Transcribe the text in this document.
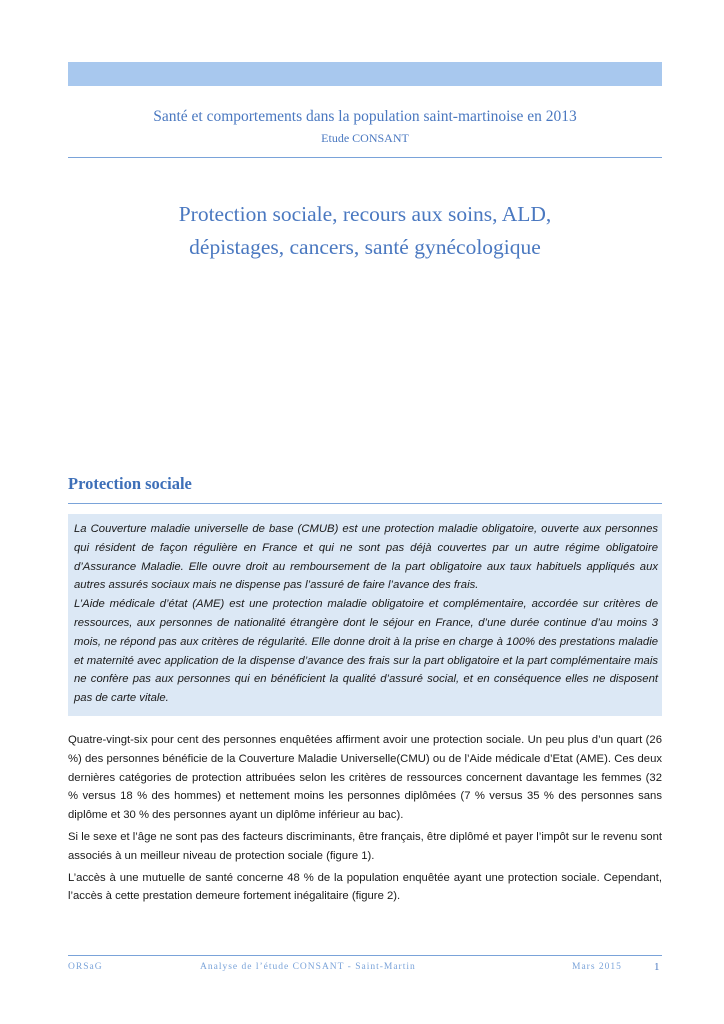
Santé et comportements dans la population saint-martinoise en 2013
Etude CONSANT
Protection sociale, recours aux soins, ALD,
dépistages, cancers, santé gynécologique
Protection sociale

La Couverture maladie universelle de base (CMUB) est une protection maladie obligatoire, ouverte aux personnes qui résident de façon régulière en France et qui ne sont pas déjà couvertes par un autre régime obligatoire d’Assurance Maladie. Elle ouvre droit au remboursement de la part obligatoire aux taux habituels appliqués aux autres assurés sociaux mais ne dispense pas l’assuré de faire l’avance des frais.

L’Aide médicale d’état (AME) est une protection maladie obligatoire et complémentaire, accordée sur critères de ressources, aux personnes de nationalité étrangère dont le séjour en France, d’une durée continue d’au moins 3 mois, ne répond pas aux critères de régularité. Elle donne droit à la prise en charge à 100% des prestations maladie et maternité avec application de la dispense d’avance des frais sur la part obligatoire et la part complémentaire mais ne confère pas aux personnes qui en bénéficient la qualité d’assuré social, et en conséquence elles ne disposent pas de carte vitale.

Quatre-vingt-six pour cent des personnes enquêtées affirment avoir une protection sociale. Un peu plus d’un quart (26 %) des personnes bénéficie de la Couverture Maladie Universelle(CMU) ou de l’Aide médicale d’Etat (AME). Ces deux dernières catégories de protection attribuées selon les critères de ressources concernent davantage les femmes (32 % versus 18 % des hommes) et nettement moins les personnes diplômées (7 % versus 35 % des personnes sans diplôme et 30 % des personnes ayant un diplôme inférieur au bac).

Si le sexe et l’âge ne sont pas des facteurs discriminants, être français, être diplômé et payer l’impôt sur le revenu sont associés à un meilleur niveau de protection sociale (figure 1).

L’accès à une mutuelle de santé concerne 48 % de la population enquêtée ayant une protection sociale. Cependant, l’accès à cette prestation demeure fortement inégalitaire (figure 2).

ORSaG	Analyse de l’étude CONSANT - Saint-Martin	Mars 2015	1
